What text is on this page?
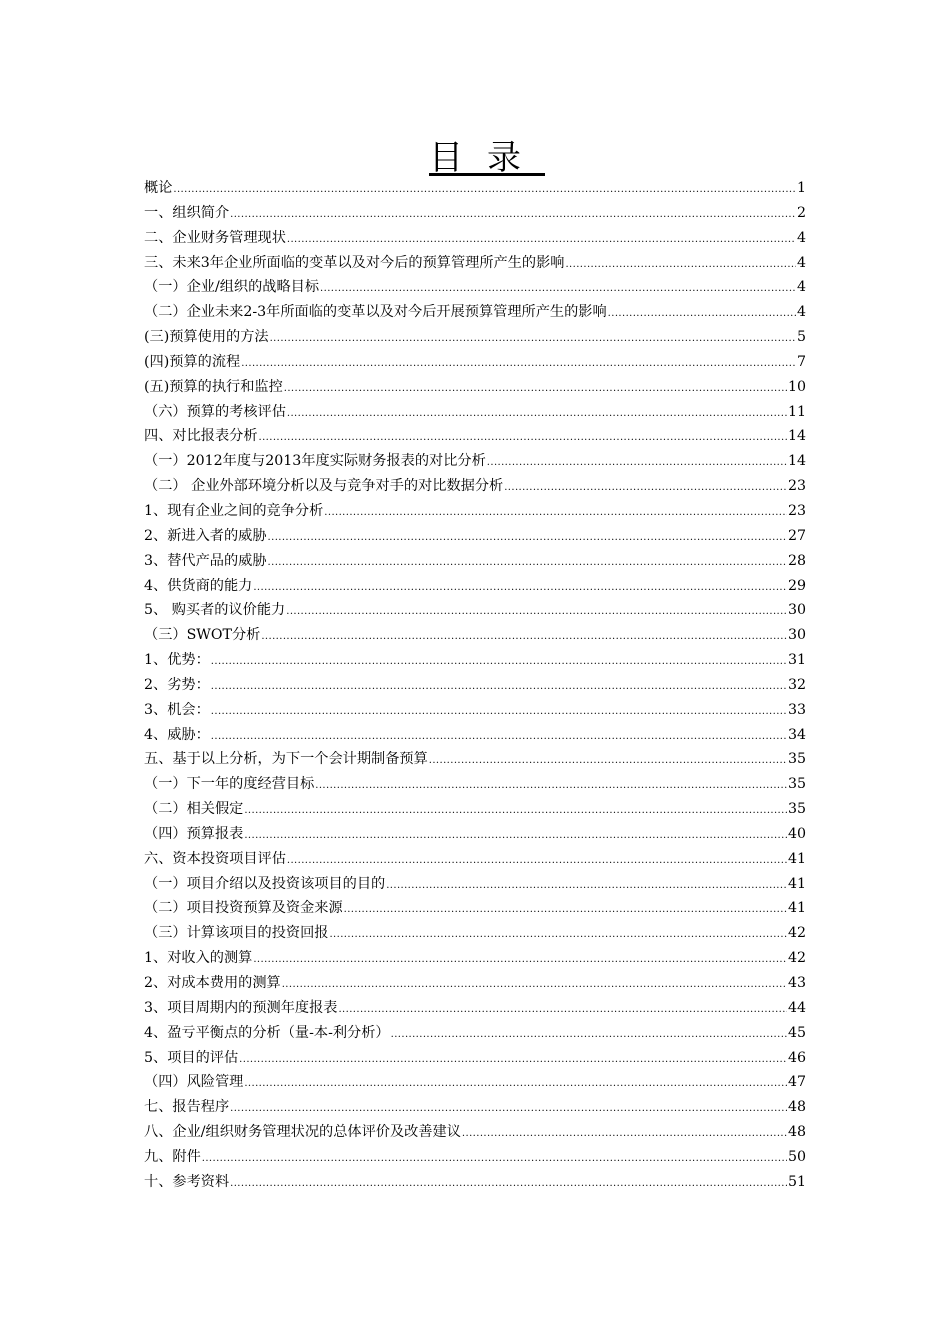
目录
概论 .....	1
一、组织简介 .....	2
二、企业财务管理现状 .....	4
三、未来3年企业所面临的变革以及对今后的预算管理所产生的影响 .....	4
（一）企业/组织的战略目标 .....	4
（二）企业未来2-3年所面临的变革以及对今后开展预算管理所产生的影响 .....	4
(三)预算使用的方法 .....	5
(四)预算的流程 .....	7
(五)预算的执行和监控 .....	10
（六）预算的考核评估 .....	11
四、对比报表分析 .....	14
（一）2012年度与2013年度实际财务报表的对比分析 .....	14
（二） 企业外部环境分析以及与竞争对手的对比数据分析 .....	23
1、现有企业之间的竞争分析 .....	23
2、新进入者的威胁 .....	27
3、替代产品的威胁 .....	28
4、供货商的能力 .....	29
5、 购买者的议价能力 .....	30
（三）SWOT分析 .....	30
1、优势： .....	31
2、劣势： .....	32
3、机会： .....	33
4、威胁： .....	34
五、基于以上分析，为下一个会计期制备预算 .....	35
（一）下一年的度经营目标 .....	35
（二）相关假定 .....	35
（四）预算报表 .....	40
六、资本投资项目评估 .....	41
（一）项目介绍以及投资该项目的目的 .....	41
（二）项目投资预算及资金来源 .....	41
（三）计算该项目的投资回报 .....	42
1、对收入的测算 .....	42
2、对成本费用的测算 .....	43
3、项目周期内的预测年度报表 .....	44
4、盈亏平衡点的分析（量-本-利分析） .....	45
5、项目的评估 .....	46
（四）风险管理 .....	47
七、报告程序 .....	48
八、企业/组织财务管理状况的总体评价及改善建议 .....	48
九、附件 .....	50
十、参考资料 .....	51
